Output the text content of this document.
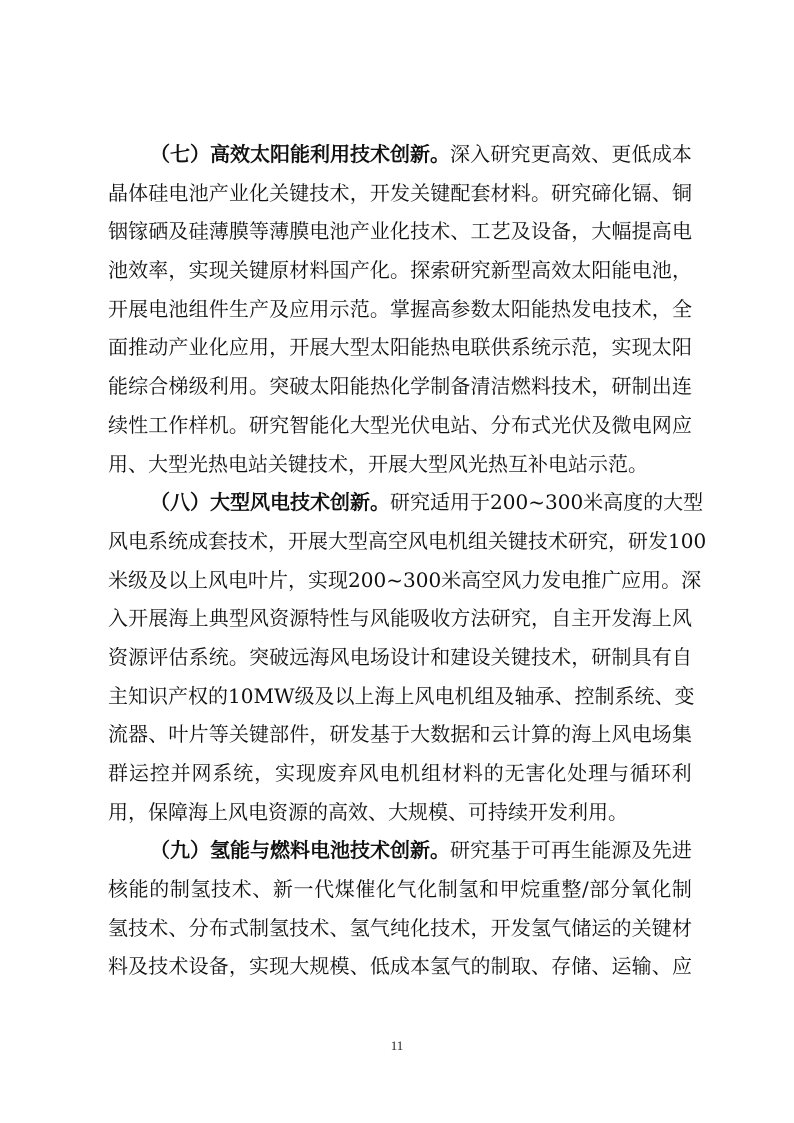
（七）高效太阳能利用技术创新。 深 入 研 究 更 高 效 、 更 低 成 本
晶 体 硅 电 池 产 业 化 关 键 技 术 ， 开 发 关 键 配 套 材 料 。 研 究 碲 化 镉 、 铜
铟 镓 硒 及 硅 薄 膜 等 薄 膜 电 池 产 业 化 技 术 、 工 艺 及 设 备 ， 大 幅 提 高 电
池 效 率 ， 实 现 关 键 原 材 料 国 产 化 。 探 索 研 究 新 型 高 效 太 阳 能 电 池 ，
开 展 电 池 组 件 生 产 及 应 用 示 范 。 掌 握 高 参 数 太 阳 能 热 发 电 技 术 ， 全
面 推 动 产 业 化 应 用 ， 开 展 大 型 太 阳 能 热 电 联 供 系 统 示 范 ， 实 现 太 阳
能 综 合 梯 级 利 用 。 突 破 太 阳 能 热 化 学 制 备 清 洁 燃 料 技 术 ， 研 制 出 连
续 性 工 作 样 机 。 研 究 智 能 化 大 型 光 伏 电 站 、 分 布 式 光 伏 及 微 电 网 应
用、大型光热电站关键技术，开展大型风光热互补电站示范。
（八）大型风电技术创新。 研 究 适 用 于 2 0 0 ~ 3 0 0 米 高 度 的 大 型
风 电 系 统 成 套 技 术 ， 开 展 大 型 高 空 风 电 机 组 关 键 技 术 研 究 ， 研 发 1 0 0
米 级 及 以 上 风 电 叶 片 ， 实 现 2 0 0 ~ 3 0 0 米 高 空 风 力 发 电 推 广 应 用 。 深
入 开 展 海 上 典 型 风 资 源 特 性 与 风 能 吸 收 方 法 研 究 ， 自 主 开 发 海 上 风
资 源 评 估 系 统 。 突 破 远 海 风 电 场 设 计 和 建 设 关 键 技 术 ， 研 制 具 有 自
主 知 识 产 权 的 1 0 M W 级 及 以 上 海 上 风 电 机 组 及 轴 承 、 控 制 系 统 、 变
流 器 、 叶 片 等 关 键 部 件 ， 研 发 基 于 大 数 据 和 云 计 算 的 海 上 风 电 场 集
群 运 控 并 网 系 统 ， 实 现 废 弃 风 电 机 组 材 料 的 无 害 化 处 理 与 循 环 利
用，保障海上风电资源的高效、大规模、可持续开发利用。
（九）氢能与燃料电池技术创新。 研 究 基 于 可 再 生 能 源 及 先 进
核 能 的 制 氢 技 术 、 新 一 代 煤 催 化 气 化 制 氢 和 甲 烷 重 整 / 部 分 氧 化 制
氢 技 术 、 分 布 式 制 氢 技 术 、 氢 气 纯 化 技 术 ， 开 发 氢 气 储 运 的 关 键 材
料 及 技 术 设 备 ， 实 现 大 规 模 、 低 成 本 氢 气 的 制 取 、 存 储 、 运 输 、 应
11
